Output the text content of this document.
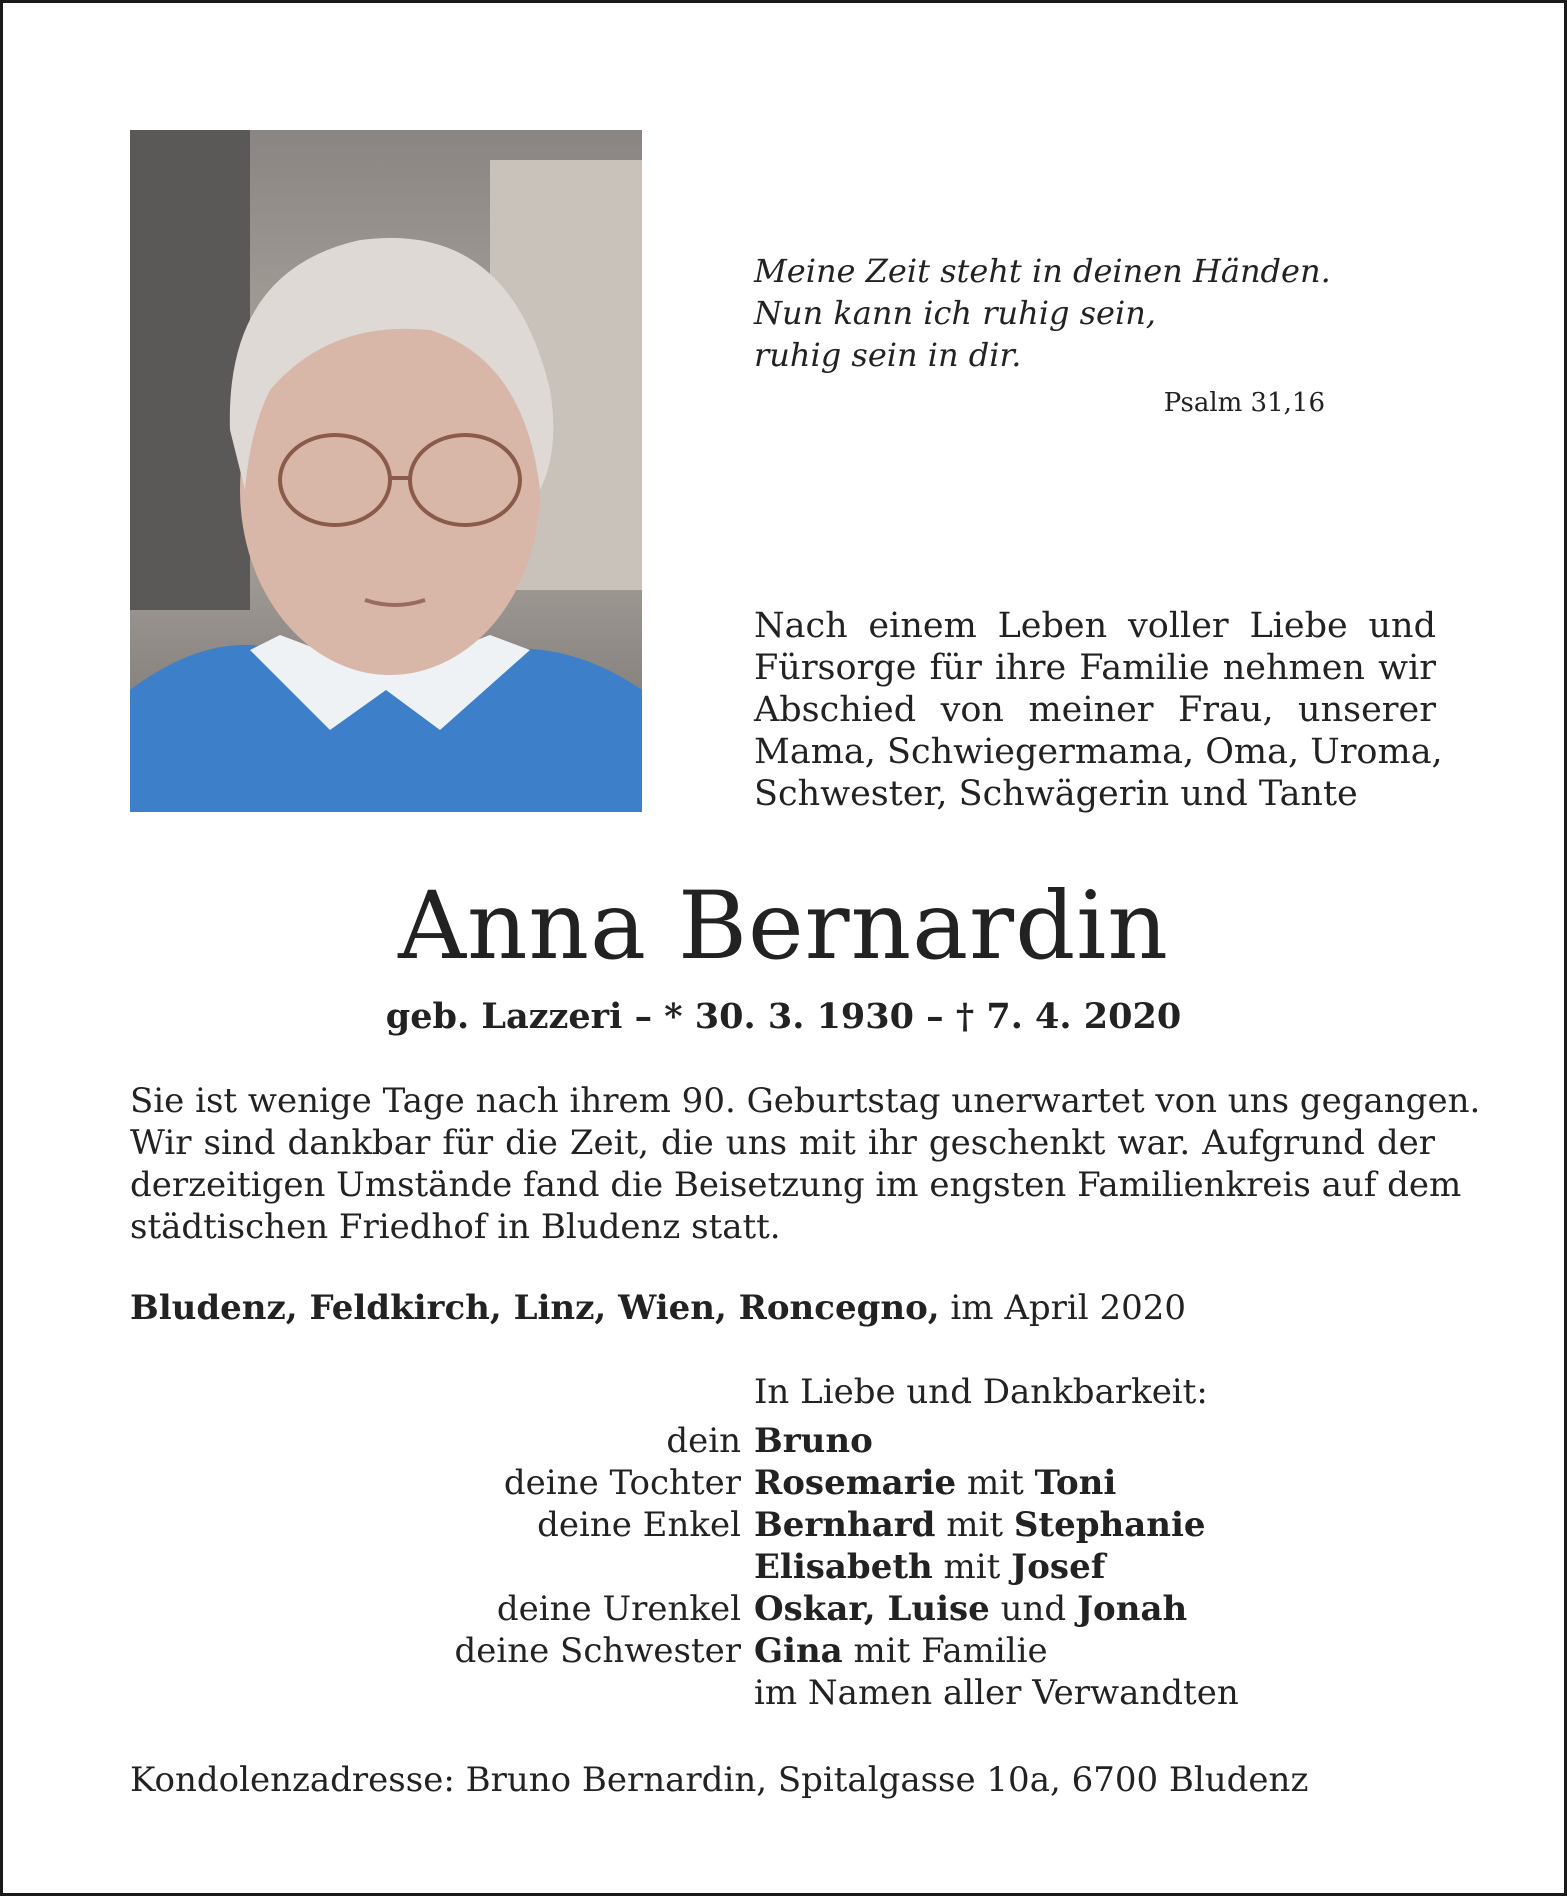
Meine Zeit steht in deinen Händen.
Nun kann ich ruhig sein,
ruhig sein in dir.
Psalm 31,16
Nach einem Leben voller Liebe und
Fürsorge für ihre Familie nehmen wir
Abschied von meiner Frau, unserer
Mama, Schwiegermama, Oma, Uroma,
Schwester, Schwägerin und Tante
Anna Bernardin
geb. Lazzeri – * 30. 3. 1930 – † 7. 4. 2020
Sie ist wenige Tage nach ihrem 90. Geburtstag unerwartet von uns gegangen.
Wir sind dankbar für die Zeit, die uns mit ihr geschenkt war. Aufgrund der
derzeitigen Umstände fand die Beisetzung im engsten Familienkreis auf dem
städtischen Friedhof in Bludenz statt.
Bludenz, Feldkirch, Linz, Wien, Roncegno, im April 2020
In Liebe und Dankbarkeit:
dein Bruno
deine Tochter Rosemarie mit Toni
deine Enkel Bernhard mit Stephanie
Elisabeth mit Josef
deine Urenkel Oskar, Luise und Jonah
deine Schwester Gina mit Familie
im Namen aller Verwandten
Kondolenzadresse: Bruno Bernardin, Spitalgasse 10a, 6700 Bludenz
